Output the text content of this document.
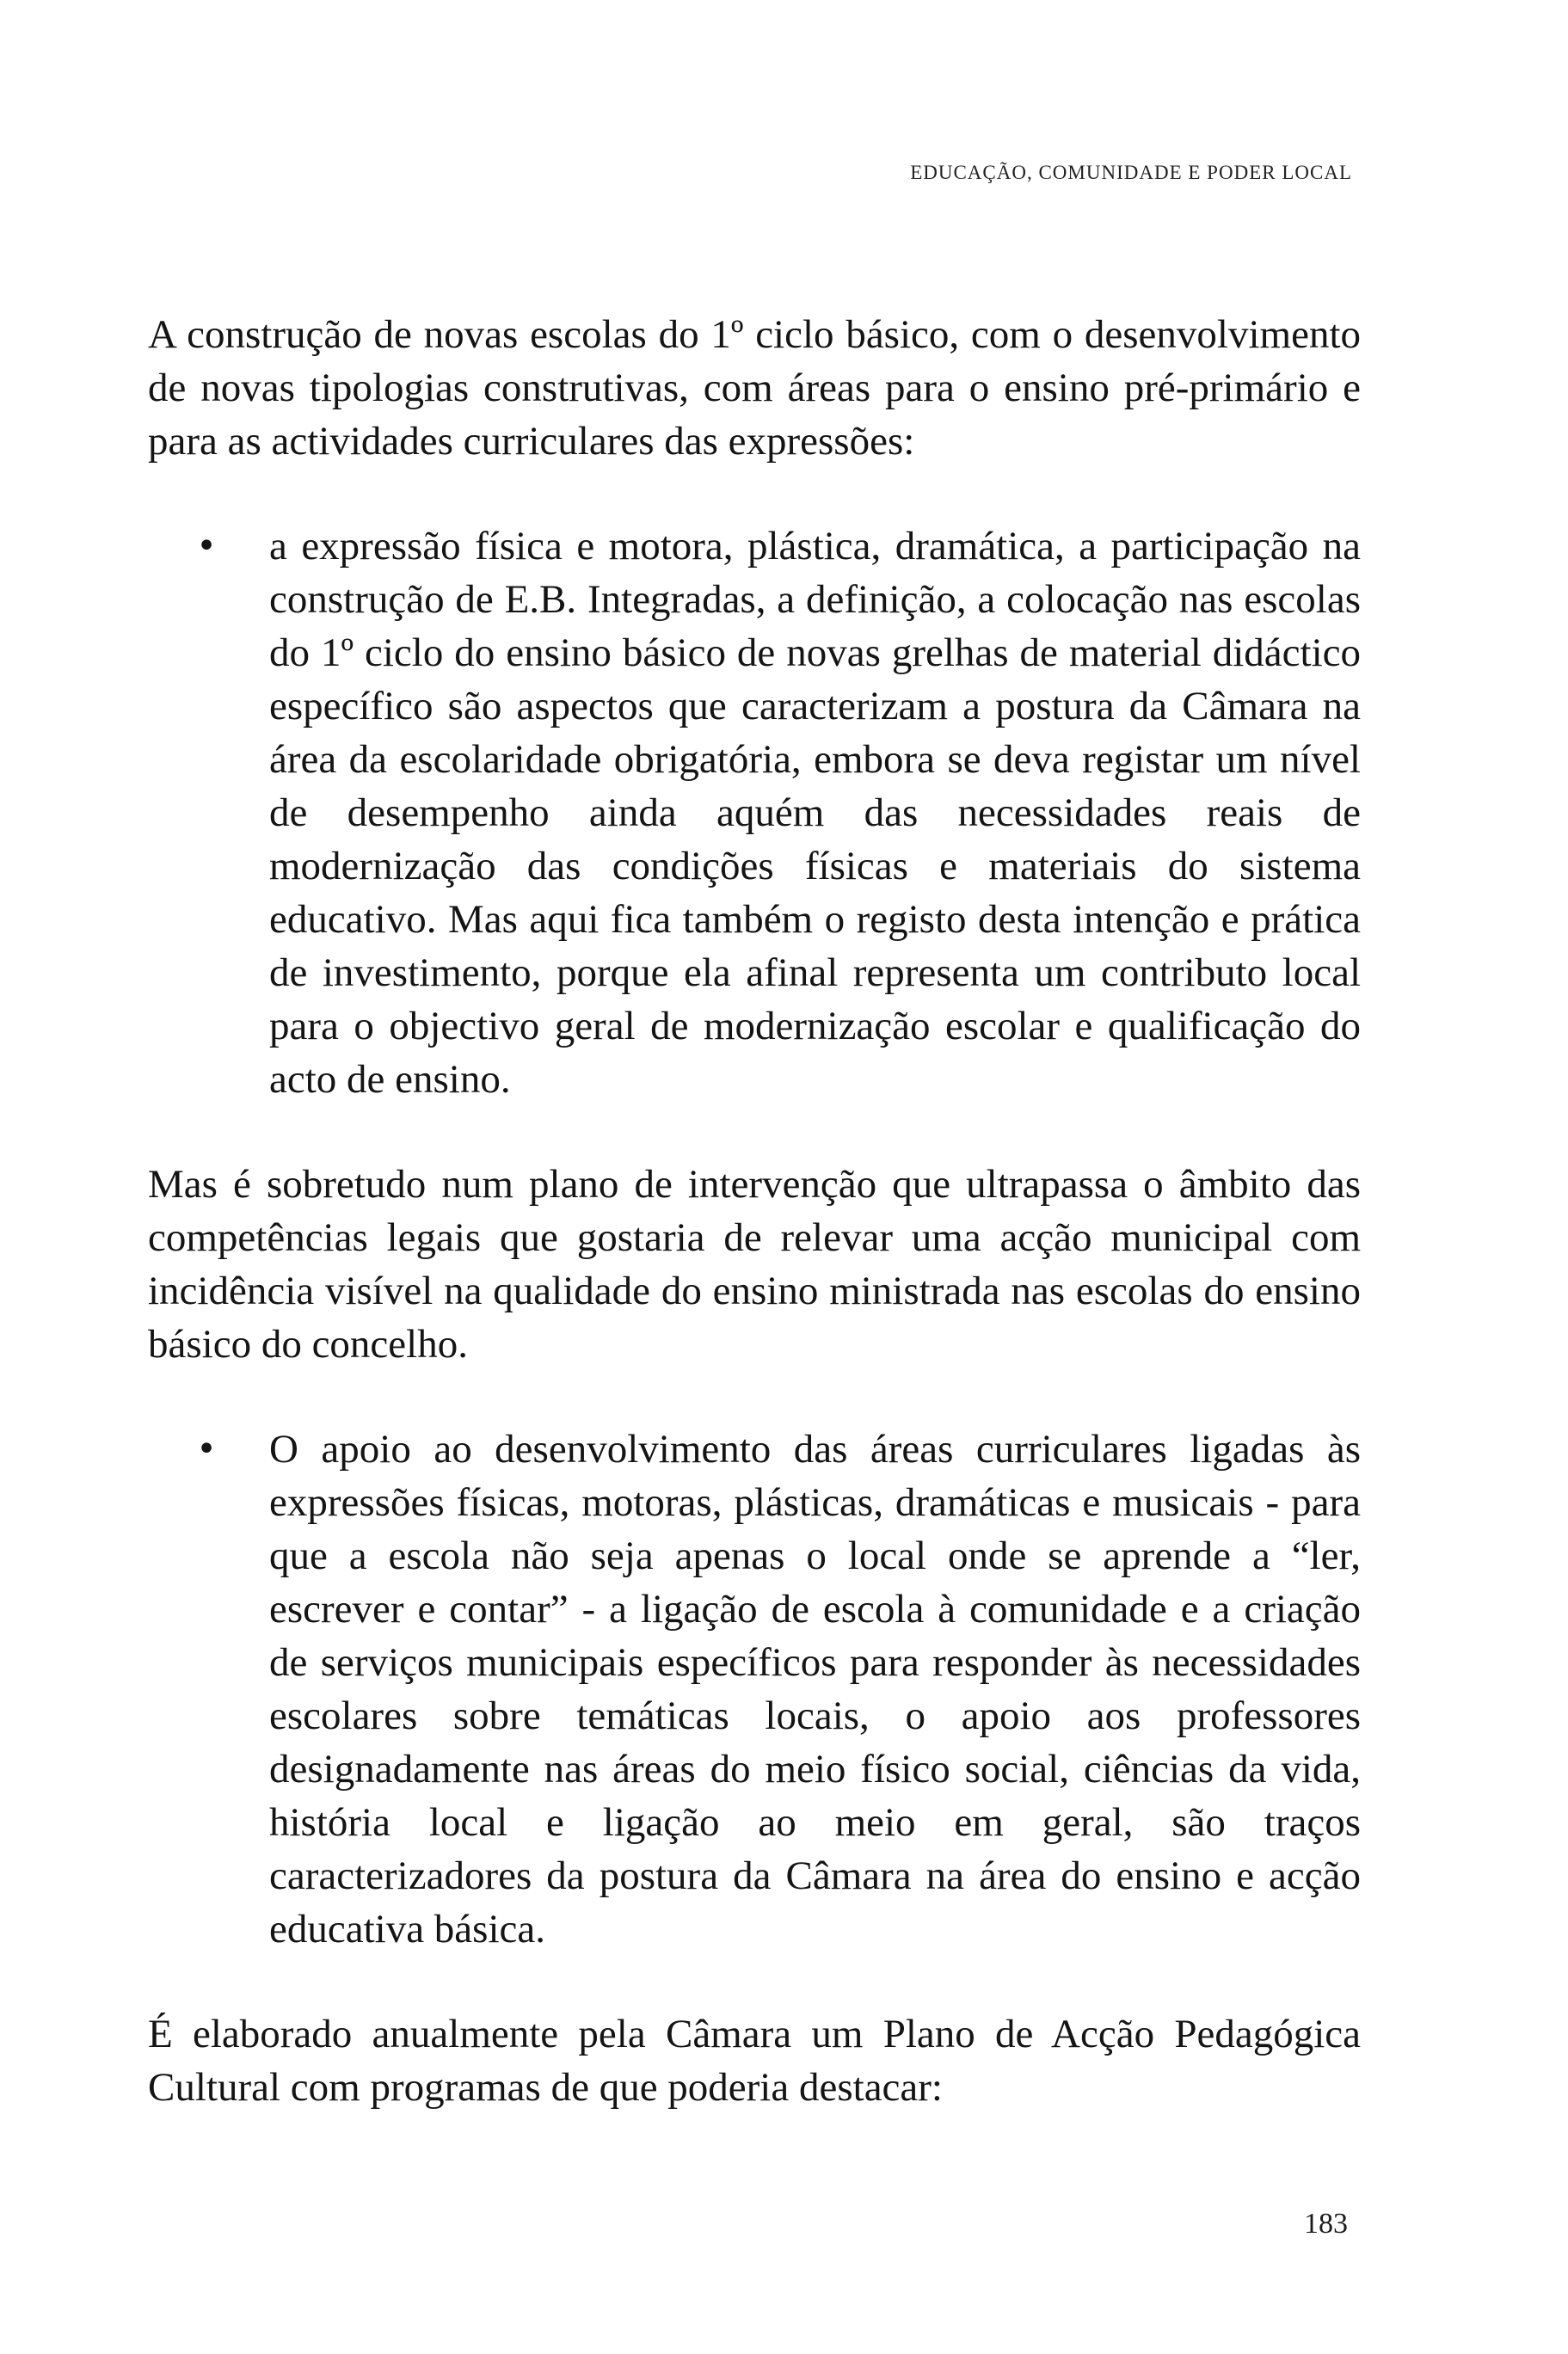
EDUCAÇÃO, COMUNIDADE E PODER LOCAL

A construção de novas escolas do 1º ciclo básico, com o desenvolvimento de novas tipologias construtivas, com áreas para o ensino pré-primário e para as actividades curriculares das expressões:

• a expressão física e motora, plástica, dramática, a participação na construção de E.B. Integradas, a definição, a colocação nas escolas do 1º ciclo do ensino básico de novas grelhas de material didáctico específico são aspectos que caracterizam a postura da Câmara na área da escolaridade obrigatória, embora se deva registar um nível de desempenho ainda aquém das necessidades reais de modernização das condições físicas e materiais do sistema educativo. Mas aqui fica também o registo desta intenção e prática de investimento, porque ela afinal representa um contributo local para o objectivo geral de modernização escolar e qualificação do acto de ensino.

Mas é sobretudo num plano de intervenção que ultrapassa o âmbito das competências legais que gostaria de relevar uma acção municipal com incidência visível na qualidade do ensino ministrada nas escolas do ensino básico do concelho.

• O apoio ao desenvolvimento das áreas curriculares ligadas às expressões físicas, motoras, plásticas, dramáticas e musicais - para que a escola não seja apenas o local onde se aprende a “ler, escrever e contar” - a ligação de escola à comunidade e a criação de serviços municipais específicos para responder às necessidades escolares sobre temáticas locais, o apoio aos professores designadamente nas áreas do meio físico social, ciências da vida, história local e ligação ao meio em geral, são traços caracterizadores da postura da Câmara na área do ensino e acção educativa básica.

É elaborado anualmente pela Câmara um Plano de Acção Pedagógica Cultural com programas de que poderia destacar:

183
